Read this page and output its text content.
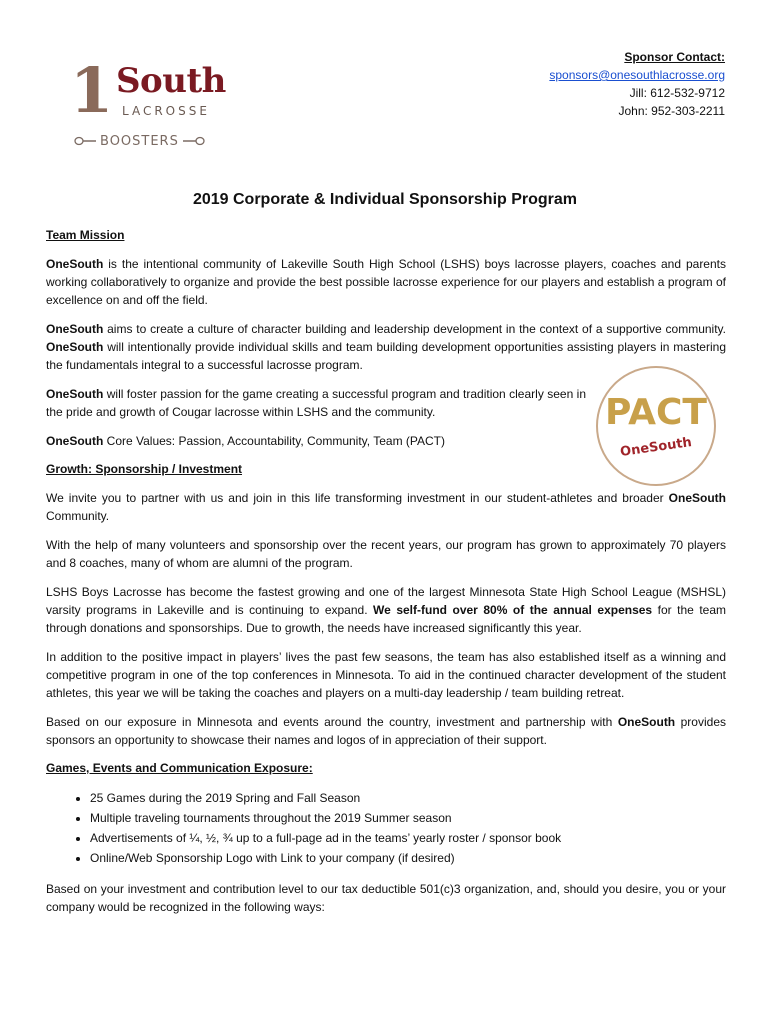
1 South
LACROSSE
BOOSTERS
Sponsor Contact:
sponsors@onesouthlacrosse.org
Jill: 612-532-9712
John: 952-303-2211
2019 Corporate & Individual Sponsorship Program
Team Mission

OneSouth is the intentional community of Lakeville South High School (LSHS) boys lacrosse players, coaches and parents working collaboratively to organize and provide the best possible lacrosse experience for our players and establish a program of excellence on and off the field.

OneSouth aims to create a culture of character building and leadership development in the context of a supportive community. OneSouth will intentionally provide individual skills and team building development opportunities assisting players in mastering the fundamentals integral to a successful lacrosse program.

OneSouth will foster passion for the game creating a successful program and tradition clearly seen in the pride and growth of Cougar lacrosse within LSHS and the community.

OneSouth Core Values: Passion, Accountability, Community, Team (PACT)

Growth: Sponsorship / Investment

We invite you to partner with us and join in this life transforming investment in our student-athletes and broader OneSouth Community.

With the help of many volunteers and sponsorship over the recent years, our program has grown to approximately 70 players and 8 coaches, many of whom are alumni of the program.

LSHS Boys Lacrosse has become the fastest growing and one of the largest Minnesota State High School League (MSHSL) varsity programs in Lakeville and is continuing to expand. We self-fund over 80% of the annual expenses for the team through donations and sponsorships. Due to growth, the needs have increased significantly this year.

In addition to the positive impact in players’ lives the past few seasons, the team has also established itself as a winning and competitive program in one of the top conferences in Minnesota. To aid in the continued character development of the student athletes, this year we will be taking the coaches and players on a multi-day leadership / team building retreat.

Based on our exposure in Minnesota and events around the country, investment and partnership with OneSouth provides sponsors an opportunity to showcase their names and logos of in appreciation of their support.

Games, Events and Communication Exposure:
• 25 Games during the 2019 Spring and Fall Season
• Multiple traveling tournaments throughout the 2019 Summer season
• Advertisements of ¼, ½, ¾ up to a full-page ad in the teams’ yearly roster / sponsor book
• Online/Web Sponsorship Logo with Link to your company (if desired)

Based on your investment and contribution level to our tax deductible 501(c)3 organization, and, should you desire, you or your company would be recognized in the following ways:

PACT
OneSouth
